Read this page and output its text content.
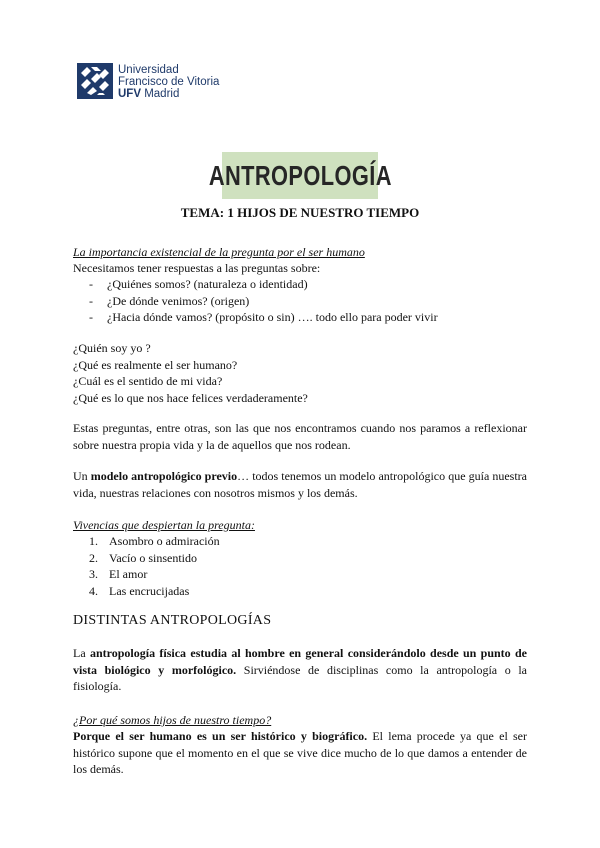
Universidad
Francisco de Vitoria
UFV Madrid
ANTROPOLOGÍA
TEMA: 1 HIJOS DE NUESTRO TIEMPO
La importancia existencial de la pregunta por el ser humano
Necesitamos tener respuestas a las preguntas sobre:
- ¿Quiénes somos? (naturaleza o identidad)
- ¿De dónde venimos? (origen)
- ¿Hacia dónde vamos? (propósito o sin) …. todo ello para poder vivir
¿Quién soy yo ?
¿Qué es realmente el ser humano?
¿Cuál es el sentido de mi vida?
¿Qué es lo que nos hace felices verdaderamente?
Estas preguntas, entre otras, son las que nos encontramos cuando nos paramos a reflexionar sobre nuestra propia vida y la de aquellos que nos rodean.
Un modelo antropológico previo… todos tenemos un modelo antropológico que guía nuestra vida, nuestras relaciones con nosotros mismos y los demás.
Vivencias que despiertan la pregunta:
1. Asombro o admiración
2. Vacío o sinsentido
3. El amor
4. Las encrucijadas
DISTINTAS ANTROPOLOGÍAS
La antropología física estudia al hombre en general considerándolo desde un punto de vista biológico y morfológico. Sirviéndose de disciplinas como la antropología o la fisiología.
¿Por qué somos hijos de nuestro tiempo?
Porque el ser humano es un ser histórico y biográfico. El lema procede ya que el ser histórico supone que el momento en el que se vive dice mucho de lo que damos a entender de los demás.
